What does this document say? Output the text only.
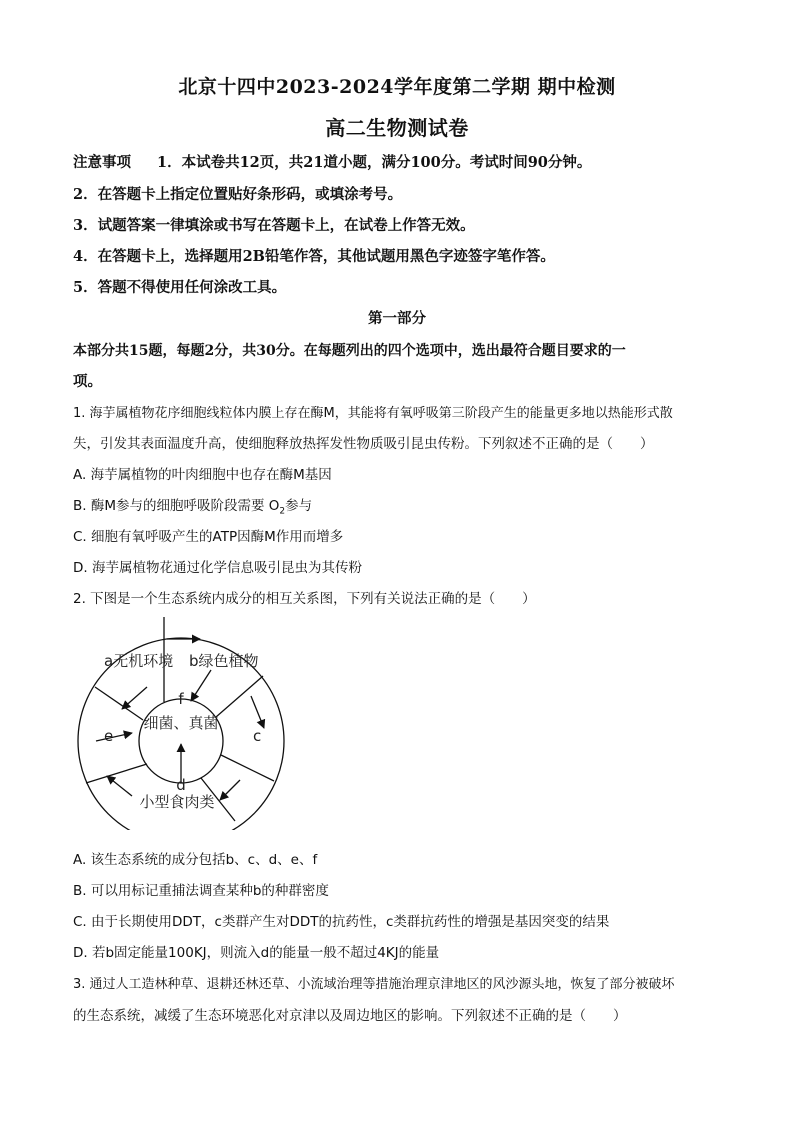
北京十四中2023-2024学年度第二学期 期中检测
高二生物测试卷
注意事项 1．本试卷共12页，共21道小题，满分100分。考试时间90分钟。
2．在答题卡上指定位置贴好条形码，或填涂考号。
3．试题答案一律填涂或书写在答题卡上，在试卷上作答无效。
4．在答题卡上，选择题用2B铅笔作答，其他试题用黑色字迹签字笔作答。
5．答题不得使用任何涂改工具。
第一部分
本部分共15题，每题2分，共30分。在每题列出的四个选项中，选出最符合题目要求的一
项。
1. 海芋属植物花序细胞线粒体内膜上存在酶M，其能将有氧呼吸第三阶段产生的能量更多地以热能形式散
失，引发其表面温度升高，使细胞释放热挥发性物质吸引昆虫传粉。下列叙述不正确的是（　　）
A. 海芋属植物的叶肉细胞中也存在酶M基因
B. 酶M参与的细胞呼吸阶段需要 $O_2$参与
C. 细胞有氧呼吸产生的ATP因酶M作用而增多
D. 海芋属植物花通过化学信息吸引昆虫为其传粉
2. 下图是一个生态系统内成分的相互关系图，下列有关说法正确的是（　　）
a无机环境 b绿色植物
f
细菌、真菌
e	c
d
小型食肉类
A. 该生态系统的成分包括b、c、d、e、f
B. 可以用标记重捕法调查某种b的种群密度
C. 由于长期使用DDT，c类群产生对DDT的抗药性，c类群抗药性的增强是基因突变的结果
D. 若b固定能量100KJ，则流入d的能量一般不超过4KJ的能量
3. 通过人工造林种草、退耕还林还草、小流域治理等措施治理京津地区的风沙源头地，恢复了部分被破坏
的生态系统，减缓了生态环境恶化对京津以及周边地区的影响。下列叙述不正确的是（　　）
